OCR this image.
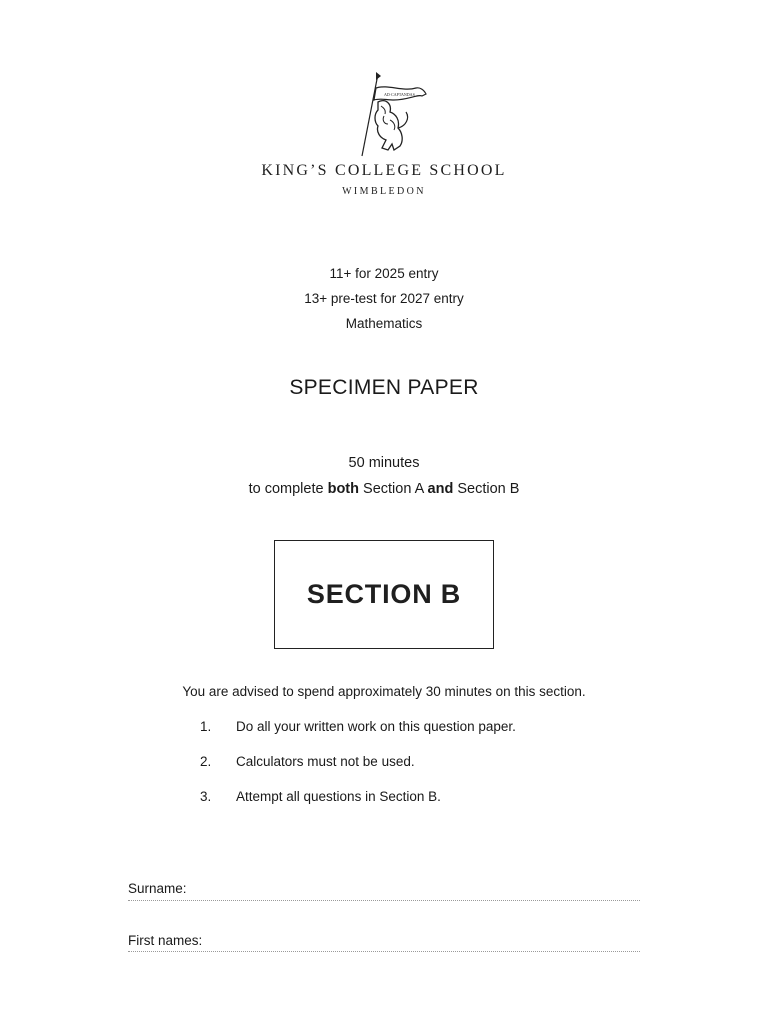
AD·CAPTANDAS
KING’S COLLEGE SCHOOL
WIMBLEDON
11+ for 2025 entry
13+ pre-test for 2027 entry
Mathematics
SPECIMEN PAPER
50 minutes
to complete both Section A and Section B
SECTION B
You are advised to spend approximately 30 minutes on this section.
1. Do all your written work on this question paper.
2. Calculators must not be used.
3. Attempt all questions in Section B.
Surname:
First names:
